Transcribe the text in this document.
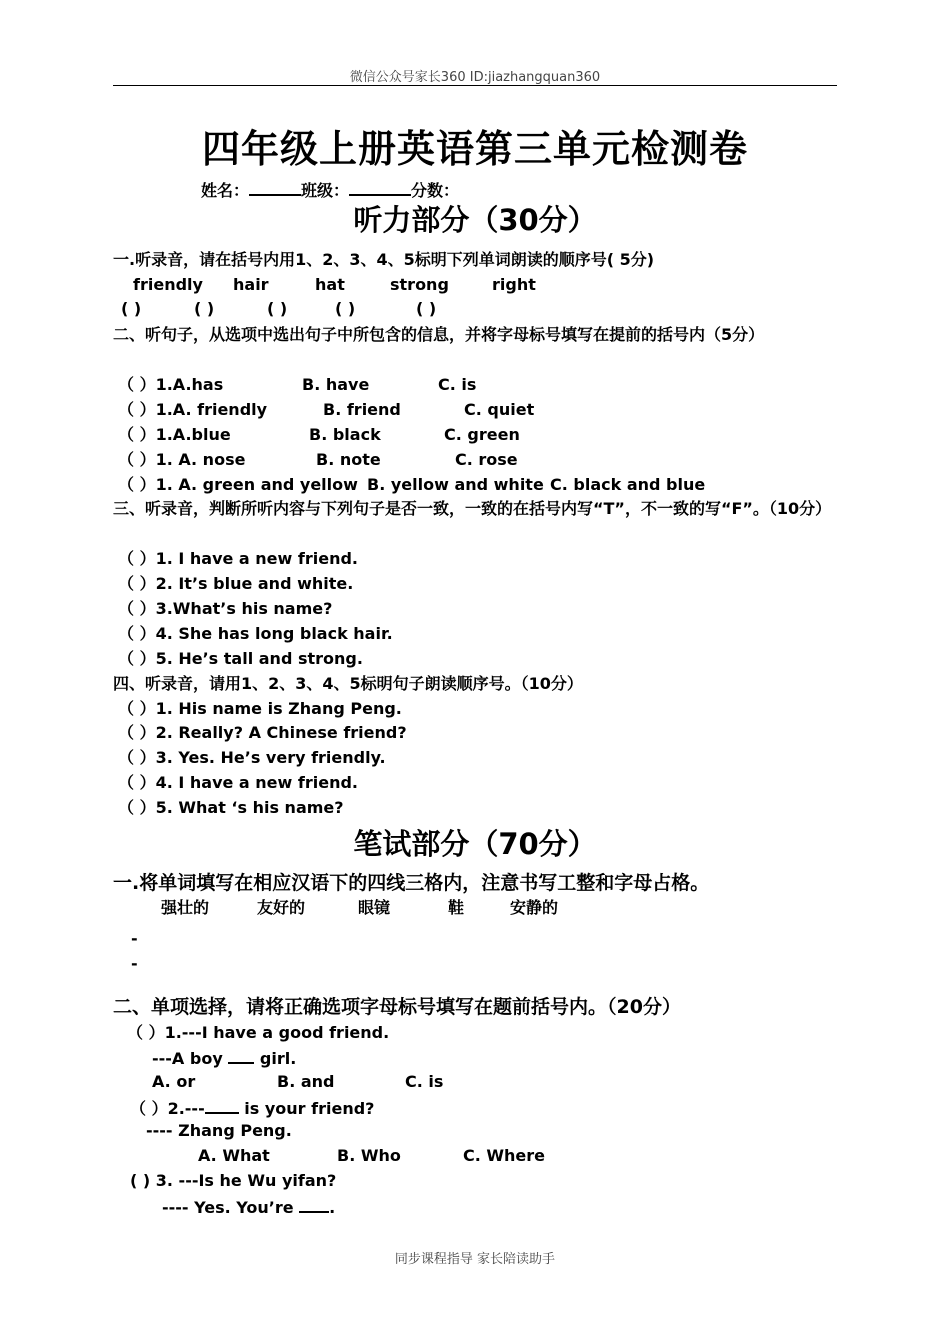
微信公众号家长360 ID:jiazhangquan360
四年级上册英语第三单元检测卷
姓名：	班级：	分数：
听力部分（30分）
一.听录音，请在括号内用1、2、3、4、5标明下列单词朗读的顺序号( 5分)
friendly hair	hat	strong	right
( )	( )	( )	( )	( )
二、听句子，从选项中选出句子中所包含的信息，并将字母标号填写在提前的括号内（5分）
（ ）1.A.has	B. have	C. is
（ ）1.A. friendly	B. friend	C. quiet
（ ）1.A.blue	B. black	C. green
（ ）1. A. nose	B. note	C. rose
（ ）1. A. green and yellow B. yellow and white C. black and blue
三、听录音，判断所听内容与下列句子是否一致，一致的在括号内写“T”，不一致的写“F”。（10分）
（ ）1. I have a new friend.
（ ）2. It’s blue and white.
（ ）3.What’s his name?
（ ）4. She has long black hair.
（ ）5. He’s tall and strong.
四、听录音，请用1、2、3、4、5标明句子朗读顺序号。（10分）
（ ）1. His name is Zhang Peng.
（ ）2. Really? A Chinese friend?
（ ）3. Yes. He’s very friendly.
（ ）4. I have a new friend.
（ ）5. What ‘s his name?
笔试部分（70分）
一.将单词填写在相应汉语下的四线三格内，注意书写工整和字母占格。
强壮的	友好的	眼镜	鞋	安静的
-
-
二、单项选择，请将正确选项字母标号填写在题前括号内。（20分）
（ ）1.---I have a good friend.
---A boy  girl.
A. or	B. and	C. is
（ ）2.--- is your friend?
---- Zhang Peng.
A. What	B. Who	C. Where
( ) 3. ---Is he Wu yifan?
---- Yes. You’re .
同步课程指导 家长陪读助手
